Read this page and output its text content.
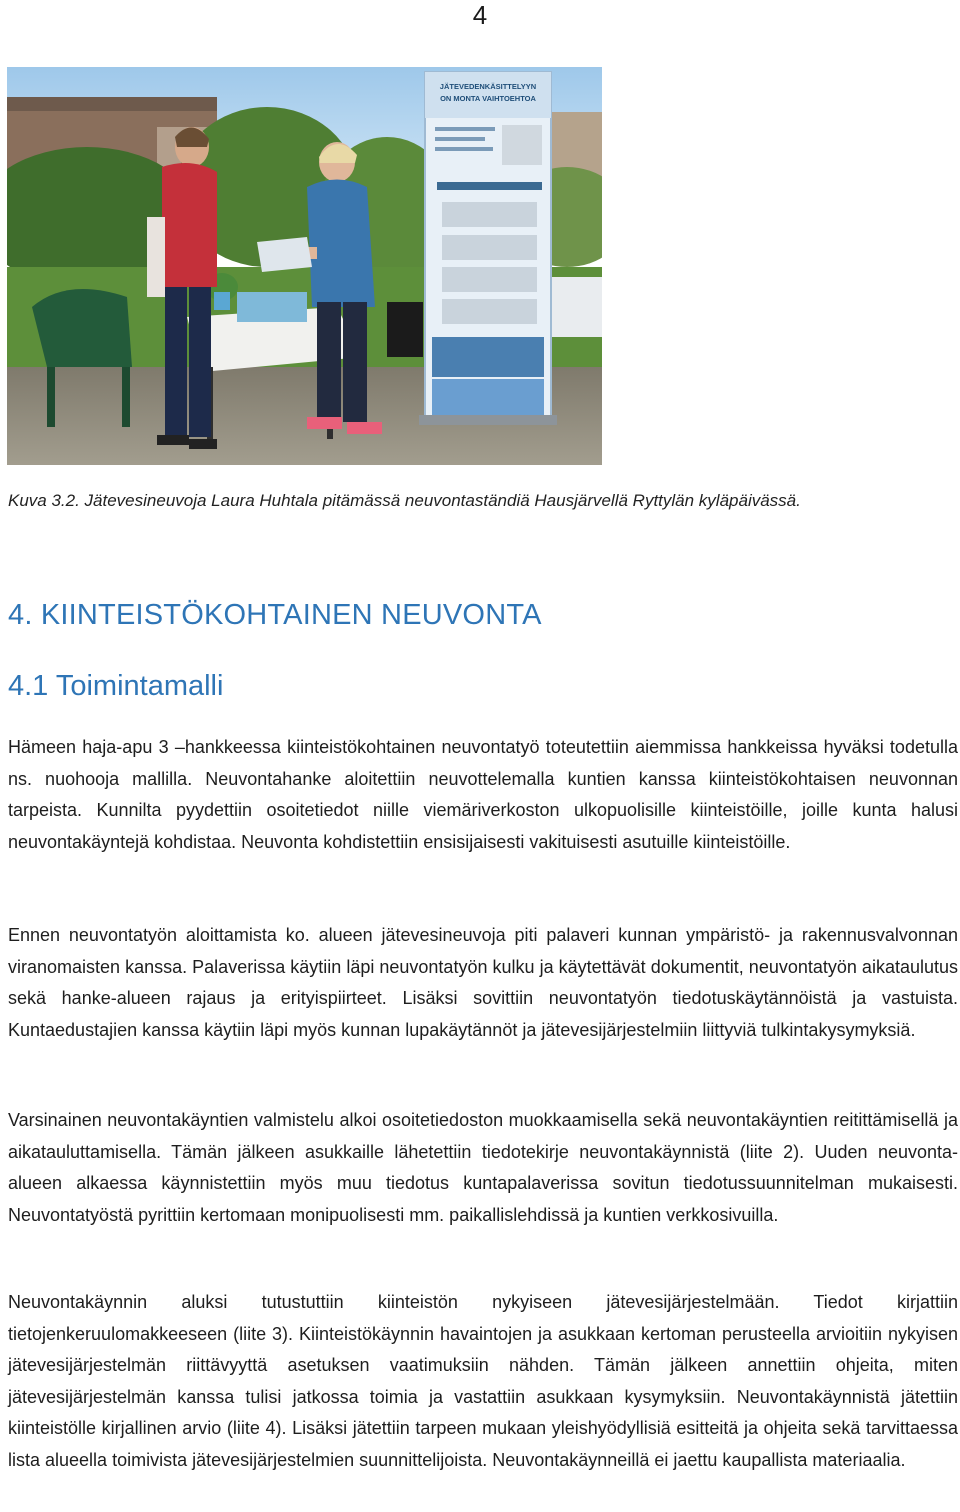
4
JÄTEVEDENKÄSITTELYYN
ON MONTA VAIHTOEHTOA
Kuva 3.2. Jätevesineuvoja Laura Huhtala pitämässä neuvontaständiä Hausjärvellä Ryttylän kyläpäivässä.
4. KIINTEISTÖKOHTAINEN NEUVONTA
4.1 Toimintamalli

Hämeen haja-apu 3 –hankkeessa kiinteistökohtainen neuvontatyö toteutettiin aiemmissa hankkeissa hyväksi todetulla ns. nuohooja mallilla. Neuvontahanke aloitettiin neuvottelemalla kuntien kanssa kiinteistökohtaisen neuvonnan tarpeista. Kunnilta pyydettiin osoitetiedot niille viemäriverkoston ulkopuolisille kiinteistöille, joille kunta halusi neuvontakäyntejä kohdistaa. Neuvonta kohdistettiin ensisijaisesti vakituisesti asutuille kiinteistöille.

Ennen neuvontatyön aloittamista ko. alueen jätevesineuvoja piti palaveri kunnan ympäristö- ja rakennusvalvonnan viranomaisten kanssa. Palaverissa käytiin läpi neuvontatyön kulku ja käytettävät dokumentit, neuvontatyön aikataulutus sekä hanke-alueen rajaus ja erityispiirteet. Lisäksi sovittiin neuvontatyön tiedotuskäytännöistä ja vastuista. Kuntaedustajien kanssa käytiin läpi myös kunnan lupakäytännöt ja jätevesijärjestelmiin liittyviä tulkintakysymyksiä.

Varsinainen neuvontakäyntien valmistelu alkoi osoitetiedoston muokkaamisella sekä neuvontakäyntien reitittämisellä ja aikatauluttamisella. Tämän jälkeen asukkaille lähetettiin tiedotekirje neuvontakäynnistä (liite 2). Uuden neuvonta-alueen alkaessa käynnistettiin myös muu tiedotus kuntapalaverissa sovitun tiedotussuunnitelman mukaisesti. Neuvontatyöstä pyrittiin kertomaan monipuolisesti mm. paikallislehdissä ja kuntien verkkosivuilla.

Neuvontakäynnin aluksi tutustuttiin kiinteistön nykyiseen jätevesijärjestelmään. Tiedot kirjattiin tietojenkeruulomakkeeseen (liite 3). Kiinteistökäynnin havaintojen ja asukkaan kertoman perusteella arvioitiin nykyisen jätevesijärjestelmän riittävyyttä asetuksen vaatimuksiin nähden. Tämän jälkeen annettiin ohjeita, miten jätevesijärjestelmän kanssa tulisi jatkossa toimia ja vastattiin asukkaan kysymyksiin. Neuvontakäynnistä jätettiin kiinteistölle kirjallinen arvio (liite 4). Lisäksi jätettiin tarpeen mukaan yleishyödyllisiä esitteitä ja ohjeita sekä tarvittaessa lista alueella toimivista jätevesijärjestelmien suunnittelijoista. Neuvontakäynneillä ei jaettu kaupallista materiaalia.
